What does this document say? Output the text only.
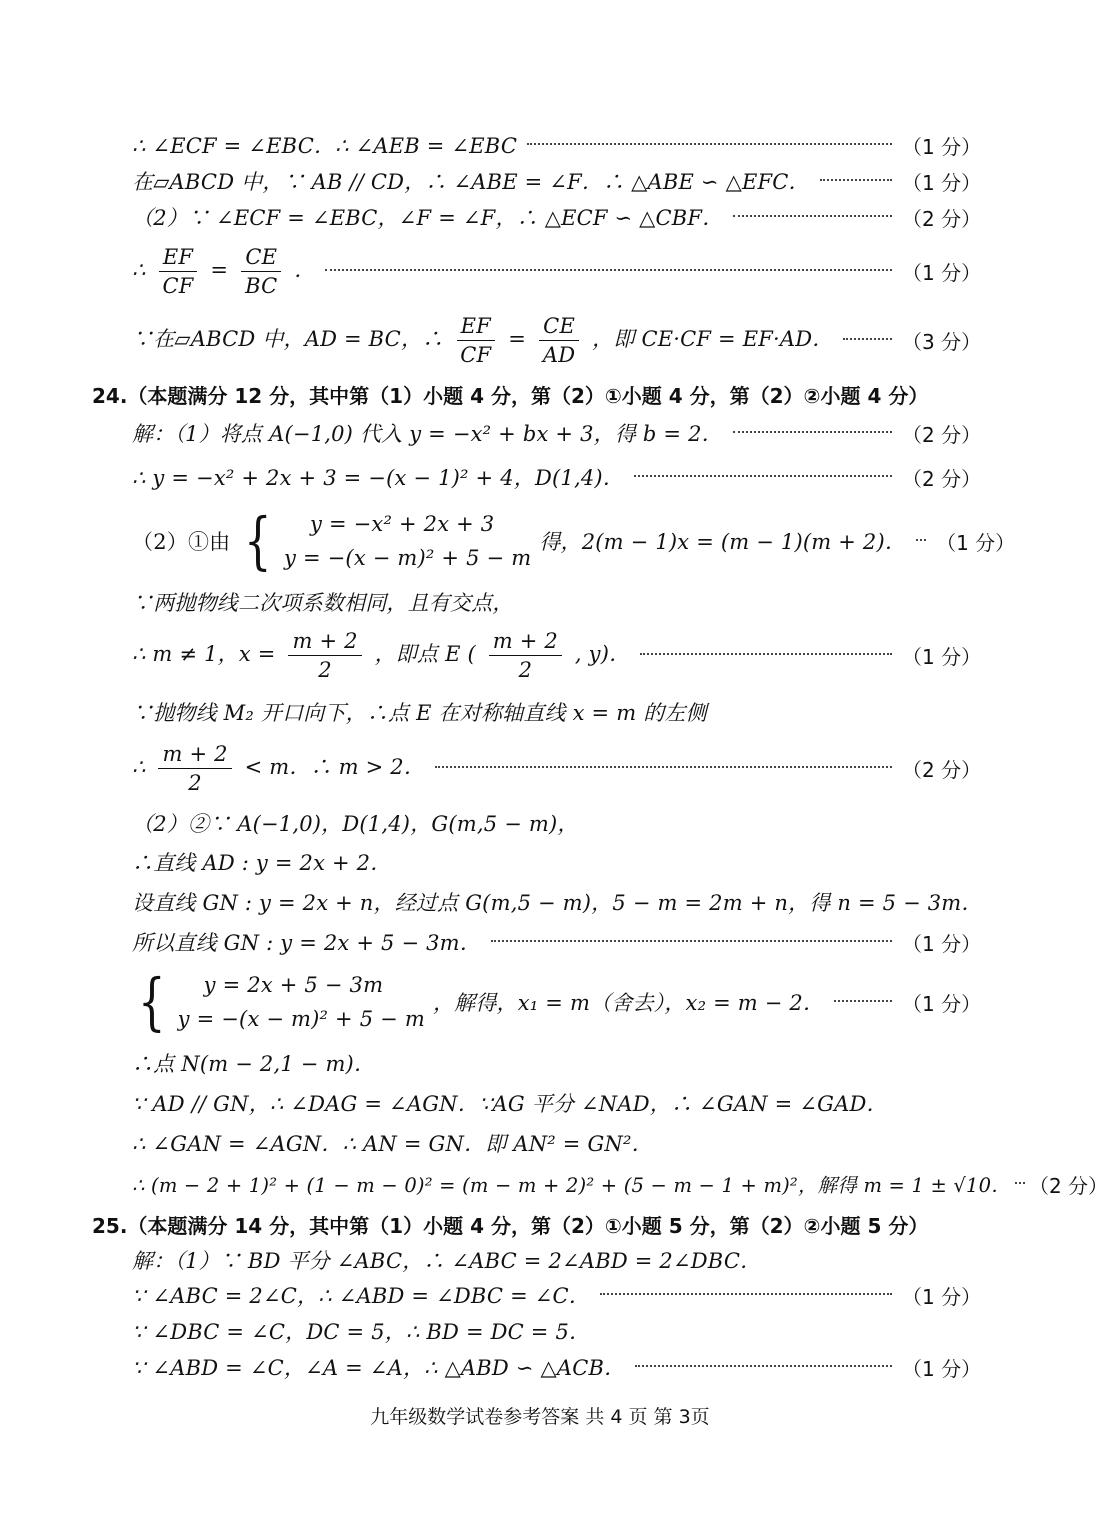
∴ ∠ECF = ∠EBC．∴ ∠AEB = ∠EBC	（1 分）
在▱ABCD 中，∵ AB // CD，∴ ∠ABE = ∠F．∴ △ABE ∽ △EFC．	（1 分）
（2）∵ ∠ECF = ∠EBC，∠F = ∠F，∴ △ECF ∽ △CBF．	（2 分）
∴ $\frac{EF}{CF} = \frac{CE}{BC}$ ．	（1 分）
∵在▱ABCD 中，AD = BC，∴ $\frac{EF}{CF} = \frac{CE}{AD}$ ，即 CE·CF = EF·AD．	（3 分）
24.（本题满分 12 分，其中第（1）小题 4 分，第（2）①小题 4 分，第（2）②小题 4 分）
解：（1）将点 A(−1,0) 代入 y = −x² + bx + 3，得 b = 2．	（2 分）
∴ y = −x² + 2x + 3 = −(x − 1)² + 4，D(1,4)．	（2 分）
（2）①由 {	y = −x² + 2x + 3
y = −(x − m)² + 5 − m
得，2(m − 1)x = (m − 1)(m + 2)． （1 分）
∵两抛物线二次项系数相同，且有交点，
∴ m ≠ 1，$x = \frac{m + 2}{2}$ ，即点 E ( $\frac{m + 2}{2}$ , y)．	（1 分）
∵抛物线 M₂ 开口向下，∴点 E 在对称轴直线 x = m 的左侧
∴ $\frac{m + 2}{2} < m$．∴ m > 2．	（2 分）
（2）②∵ A(−1,0)，D(1,4)，G(m,5 − m)，
∴直线 AD : y = 2x + 2．
设直线 GN : y = 2x + n，经过点 G(m,5 − m)，5 − m = 2m + n，得 n = 5 − 3m．
所以直线 GN : y = 2x + 5 − 3m．	（1 分）
{	y = 2x + 5 − 3m
y = −(x − m)² + 5 − m
，解得，x₁ = m（舍去），x₂ = m − 2．	（1 分）
∴点 N(m − 2,1 − m)．
∵ AD // GN，∴ ∠DAG = ∠AGN．∵AG 平分 ∠NAD，∴ ∠GAN = ∠GAD．
∴ ∠GAN = ∠AGN．∴ AN = GN．即 AN² = GN²．
∴ (m − 2 + 1)² + (1 − m − 0)² = (m − m + 2)² + (5 − m − 1 + m)²，解得 m = 1 ± √10． （2 分）
25.（本题满分 14 分，其中第（1）小题 4 分，第（2）①小题 5 分，第（2）②小题 5 分）
解：（1）∵ BD 平分 ∠ABC，∴ ∠ABC = 2∠ABD = 2∠DBC．
∵ ∠ABC = 2∠C，∴ ∠ABD = ∠DBC = ∠C．	（1 分）
∵ ∠DBC = ∠C，DC = 5，∴ BD = DC = 5．
∵ ∠ABD = ∠C，∠A = ∠A，∴ △ABD ∽ △ACB．	（1 分）
九年级数学试卷参考答案 共 4 页 第 3页
